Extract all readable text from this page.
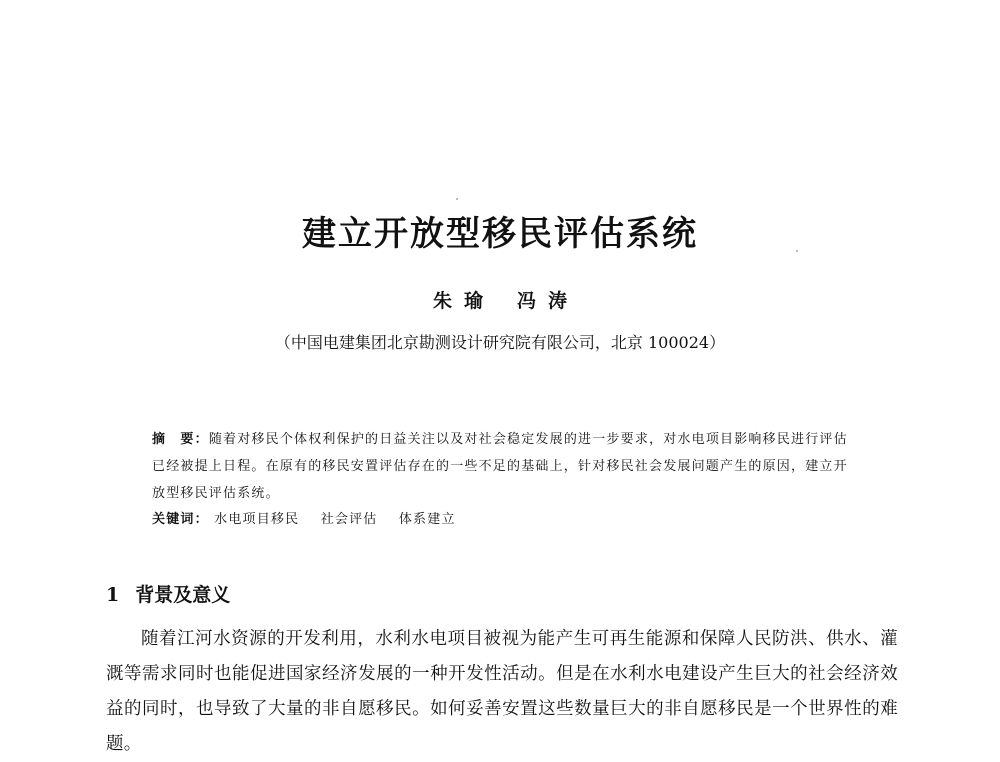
建立开放型移民评估系统
朱 瑜 冯 涛
（中国电建集团北京勘测设计研究院有限公司，北京 100024）
摘　要：随着对移民个体权利保护的日益关注以及对社会稳定发展的进一步要求，对水电项目影响移民进行评估已经被提上日程。在原有的移民安置评估存在的一些不足的基础上，针对移民社会发展问题产生的原因，建立开放型移民评估系统。
关键词： 水电项目移民 社会评估 体系建立
1 背景及意义
随着江河水资源的开发利用，水利水电项目被视为能产生可再生能源和保障人民防洪、供水、灌溉等需求同时也能促进国家经济发展的一种开发性活动。但是在水利水电建设产生巨大的社会经济效益的同时，也导致了大量的非自愿移民。如何妥善安置这些数量巨大的非自愿移民是一个世界性的难题。
